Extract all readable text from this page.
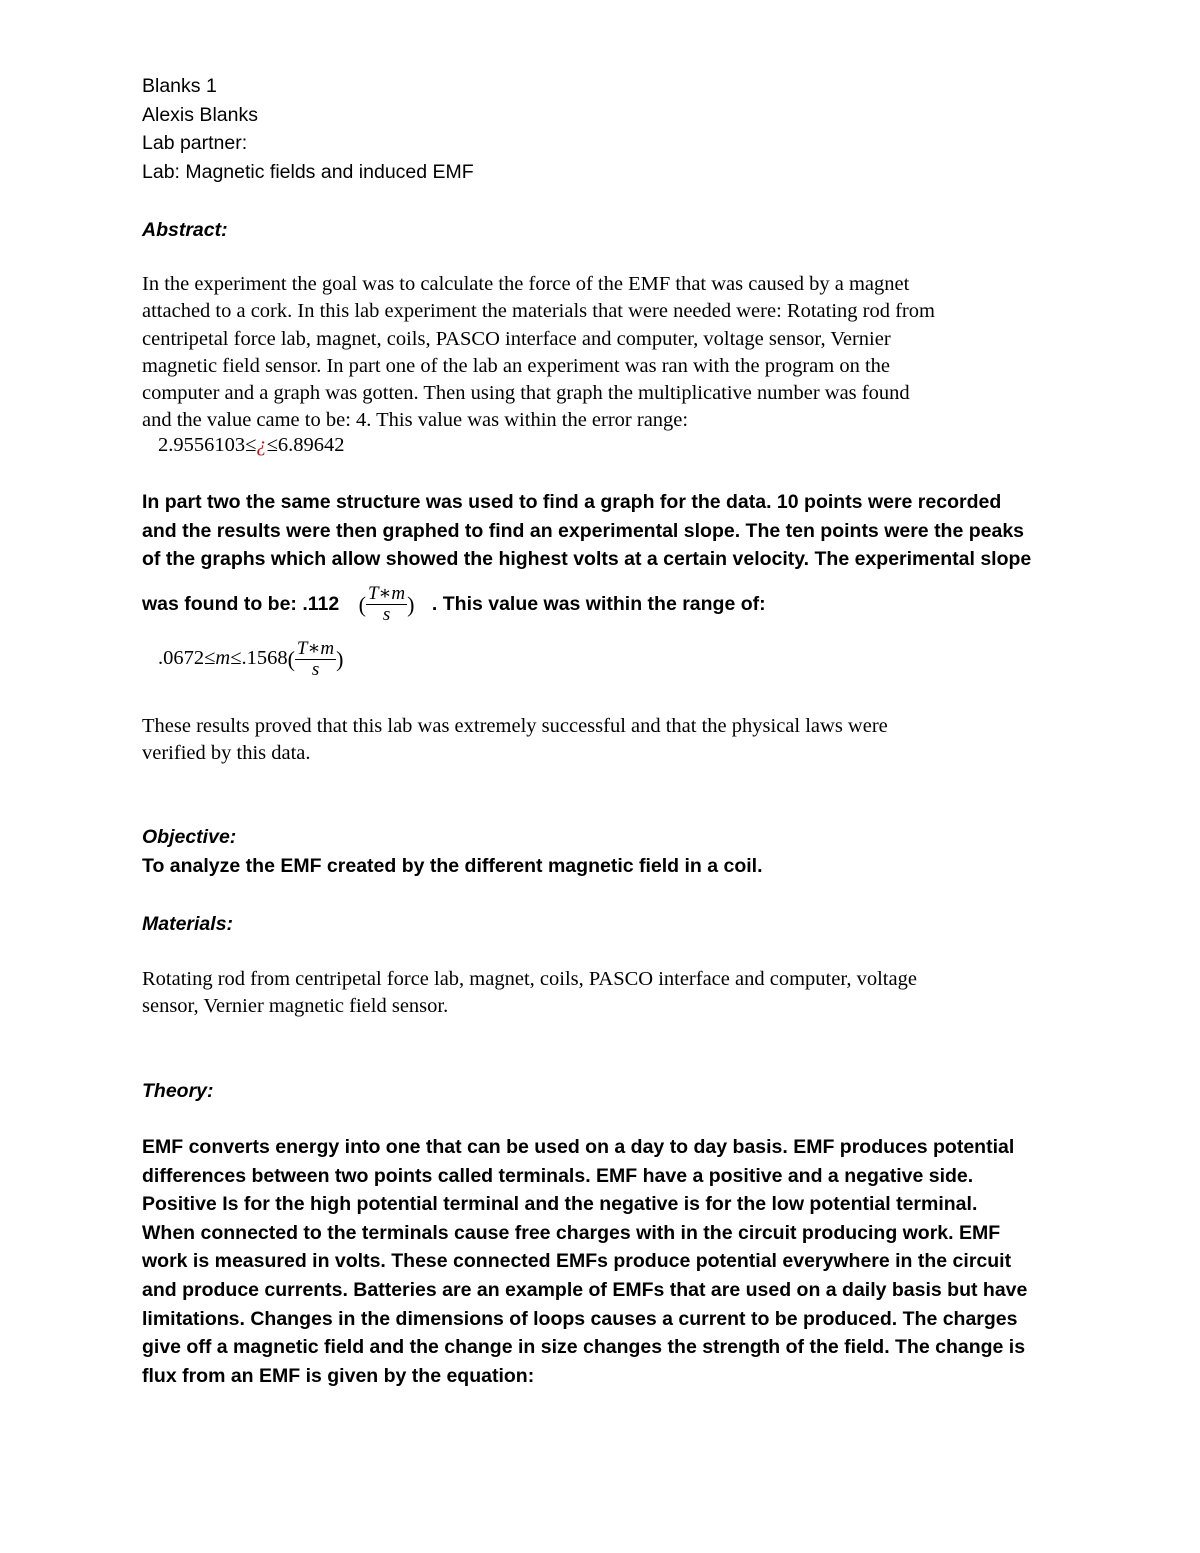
Blanks 1
Alexis Blanks
Lab partner:
Lab: Magnetic fields and induced EMF
Abstract:
In the experiment the goal was to calculate the force of the EMF that was caused by a magnet
attached to a cork. In this lab experiment the materials that were needed were: Rotating rod from
centripetal force lab, magnet, coils, PASCO interface and computer, voltage sensor, Vernier
magnetic field sensor. In part one of the lab an experiment was ran with the program on the
computer and a graph was gotten. Then using that graph the multiplicative number was found
and the value came to be: 4. This value was within the error range:
2.9556103≤¿≤6.89642
In part two the same structure was used to find a graph for the data. 10 points were recorded
and the results were then graphed to find an experimental slope. The ten points were the peaks
of the graphs which allow showed the highest volts at a certain velocity. The experimental slope
was found to be: .112 ( $\frac{T∗m}{s}$ ) . This value was within the range of:
$.0672\le m\le.1568( \frac{T∗m}{s}$ )
These results proved that this lab was extremely successful and that the physical laws were
verified by this data.
Objective:
To analyze the EMF created by the different magnetic field in a coil.
Materials:
Rotating rod from centripetal force lab, magnet, coils, PASCO interface and computer, voltage
sensor, Vernier magnetic field sensor.
Theory:
EMF converts energy into one that can be used on a day to day basis. EMF produces potential
differences between two points called terminals. EMF have a positive and a negative side.
Positive Is for the high potential terminal and the negative is for the low potential terminal.
When connected to the terminals cause free charges with in the circuit producing work. EMF
work is measured in volts. These connected EMFs produce potential everywhere in the circuit
and produce currents. Batteries are an example of EMFs that are used on a daily basis but have
limitations. Changes in the dimensions of loops causes a current to be produced. The charges
give off a magnetic field and the change in size changes the strength of the field. The change is
flux from an EMF is given by the equation:
